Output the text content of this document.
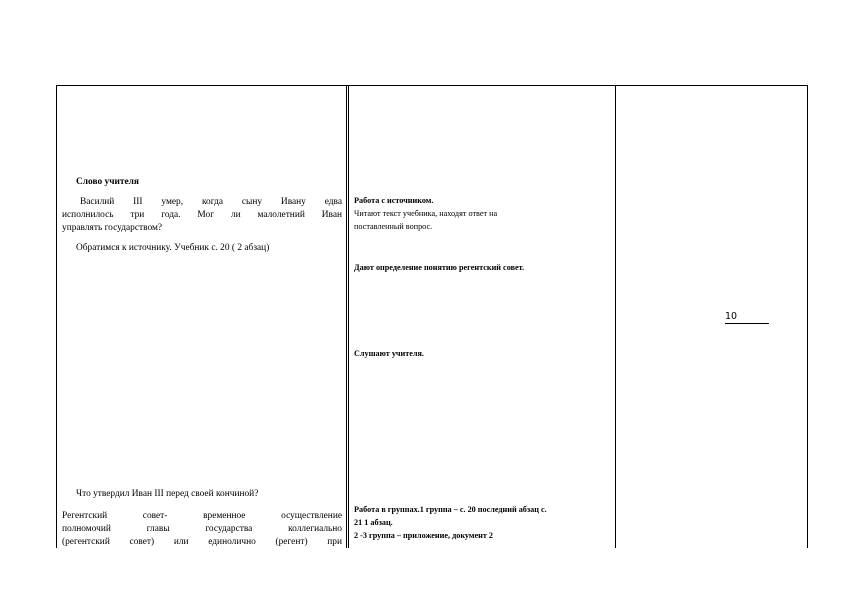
Слово учителя

Василий III умер, когда сыну Ивану едва

исполнилось три года. Мог ли малолетний Иван

управлять государством?

Обратимся к источнику. Учебник с. 20 ( 2 абзац)

Что утвердил Иван III перед своей кончиной?

Регентский совет- временное осуществление

полномочий главы государства коллегиально

(регентский совет) или единолично (регент) при

Работа с источником.

Читают текст учебника, находят ответ на

поставленный вопрос.

Дают определение понятию регентский совет.

Слушают учителя.

Работа в группах.1 группа – с. 20 последний абзац с.

21 1 абзац.

2 -3 группа – приложение, документ 2

10
